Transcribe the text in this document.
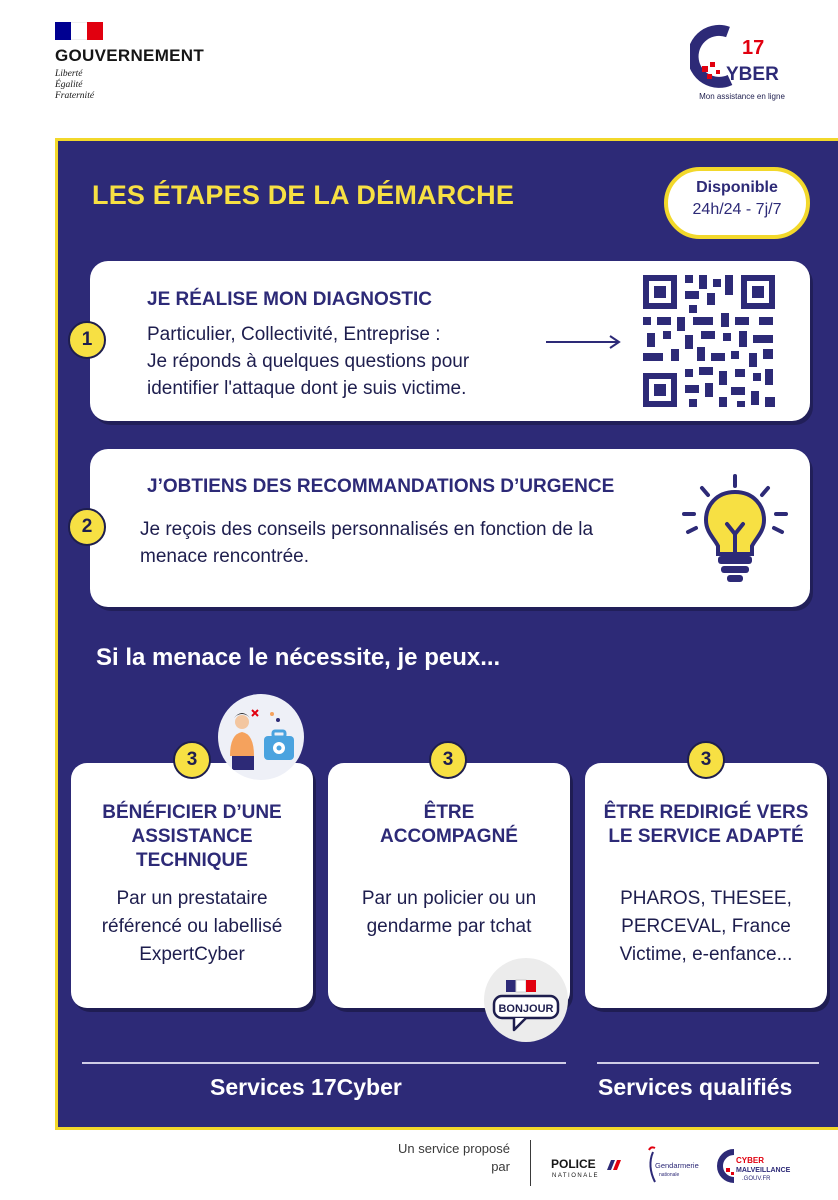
GOUVERNEMENT
Liberté
Égalité
Fraternité
17
YBER
Mon assistance en ligne
LES ÉTAPES DE LA DÉMARCHE	Disponible
24h/24 - 7j/7
1
JE RÉALISE MON DIAGNOSTIC
Particulier, Collectivité, Entreprise :
Je réponds à quelques questions pour
identifier l'attaque dont je suis victime.
2
J’OBTIENS DES RECOMMANDATIONS D’URGENCE
Je reçois des conseils personnalisés en fonction de la
menace rencontrée.
Si la menace le nécessite, je peux...
BÉNÉFICIER D’UNE
ASSISTANCE
TECHNIQUE
Par un prestataire
référencé ou labellisé
ExpertCyber
ÊTRE
ACCOMPAGNÉ
Par un policier ou un
gendarme par tchat
ÊTRE REDIRIGÉ VERS
LE SERVICE ADAPTÉ
PHAROS, THESEE,
PERCEVAL, France
Victime, e-enfance...
3	3	3
BONJOUR
Services 17Cyber	Services qualifiés
Un service proposé
par	POLICE
NATIONALE
Gendarmerie
nationale
CYBER
MALVEILLANCE
.GOUV.FR
